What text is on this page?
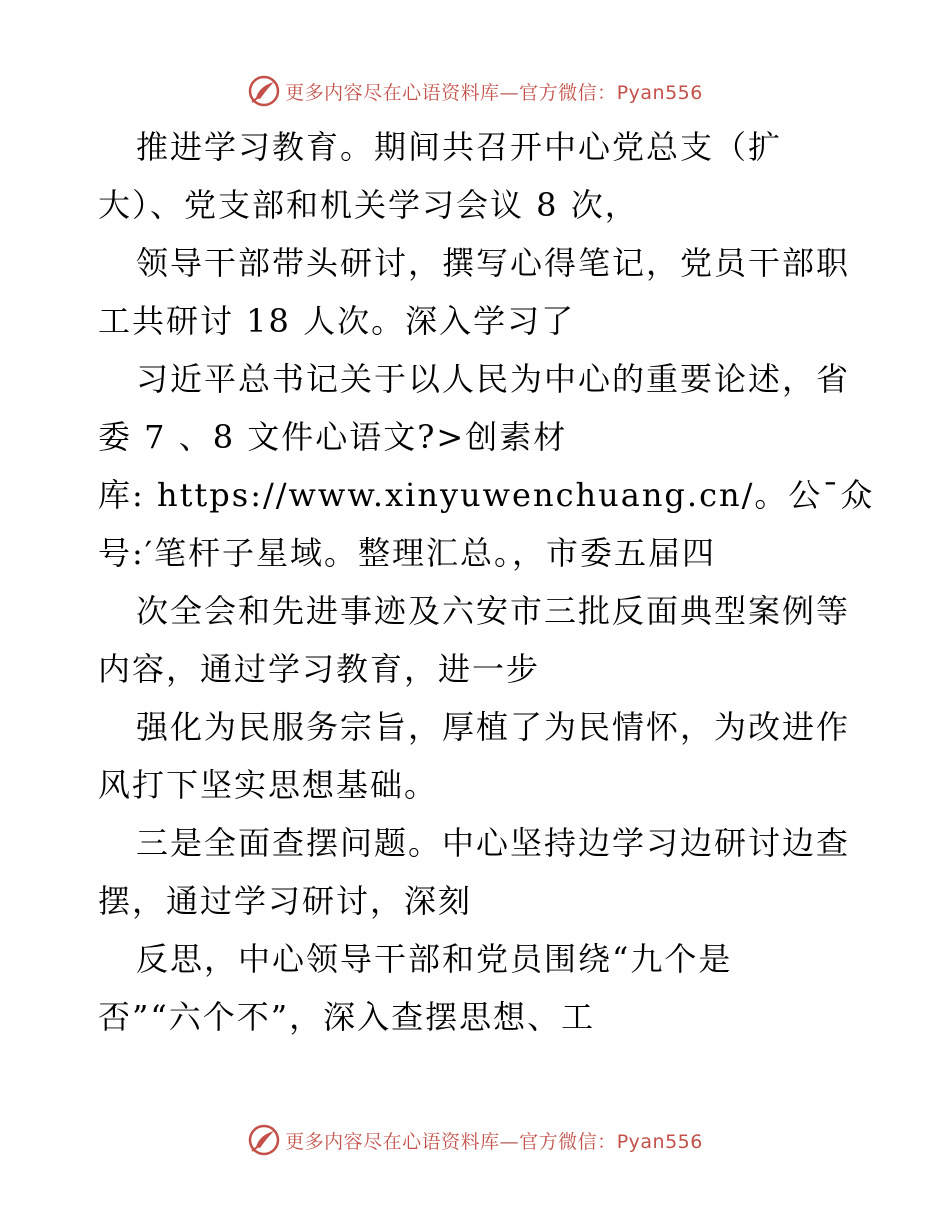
更多内容尽在心语资料库—官方微信：Pyan556
推进学习教育。期间共召开中心党总支（扩
大）、党支部和机关学习会议 8 次，
领导干部带头研讨，撰写心得笔记，党员干部职
工共研讨 18 人次。深入学习了
习近平总书记关于以人民为中心的重要论述，省
委 7 、8 文件心语文?>创素材
库: https://www.xinyuwenchuang.cn/。公¯众
号:′笔杆子星域。整理汇总。，市委五届四
次全会和先进事迹及六安市三批反面典型案例等
内容，通过学习教育，进一步
强化为民服务宗旨，厚植了为民情怀，为改进作
风打下坚实思想基础。
三是全面查摆问题。中心坚持边学习边研讨边查
摆，通过学习研讨，深刻
反思，中心领导干部和党员围绕“九个是
否”“六个不”，深入查摆思想、工
更多内容尽在心语资料库—官方微信：Pyan556
